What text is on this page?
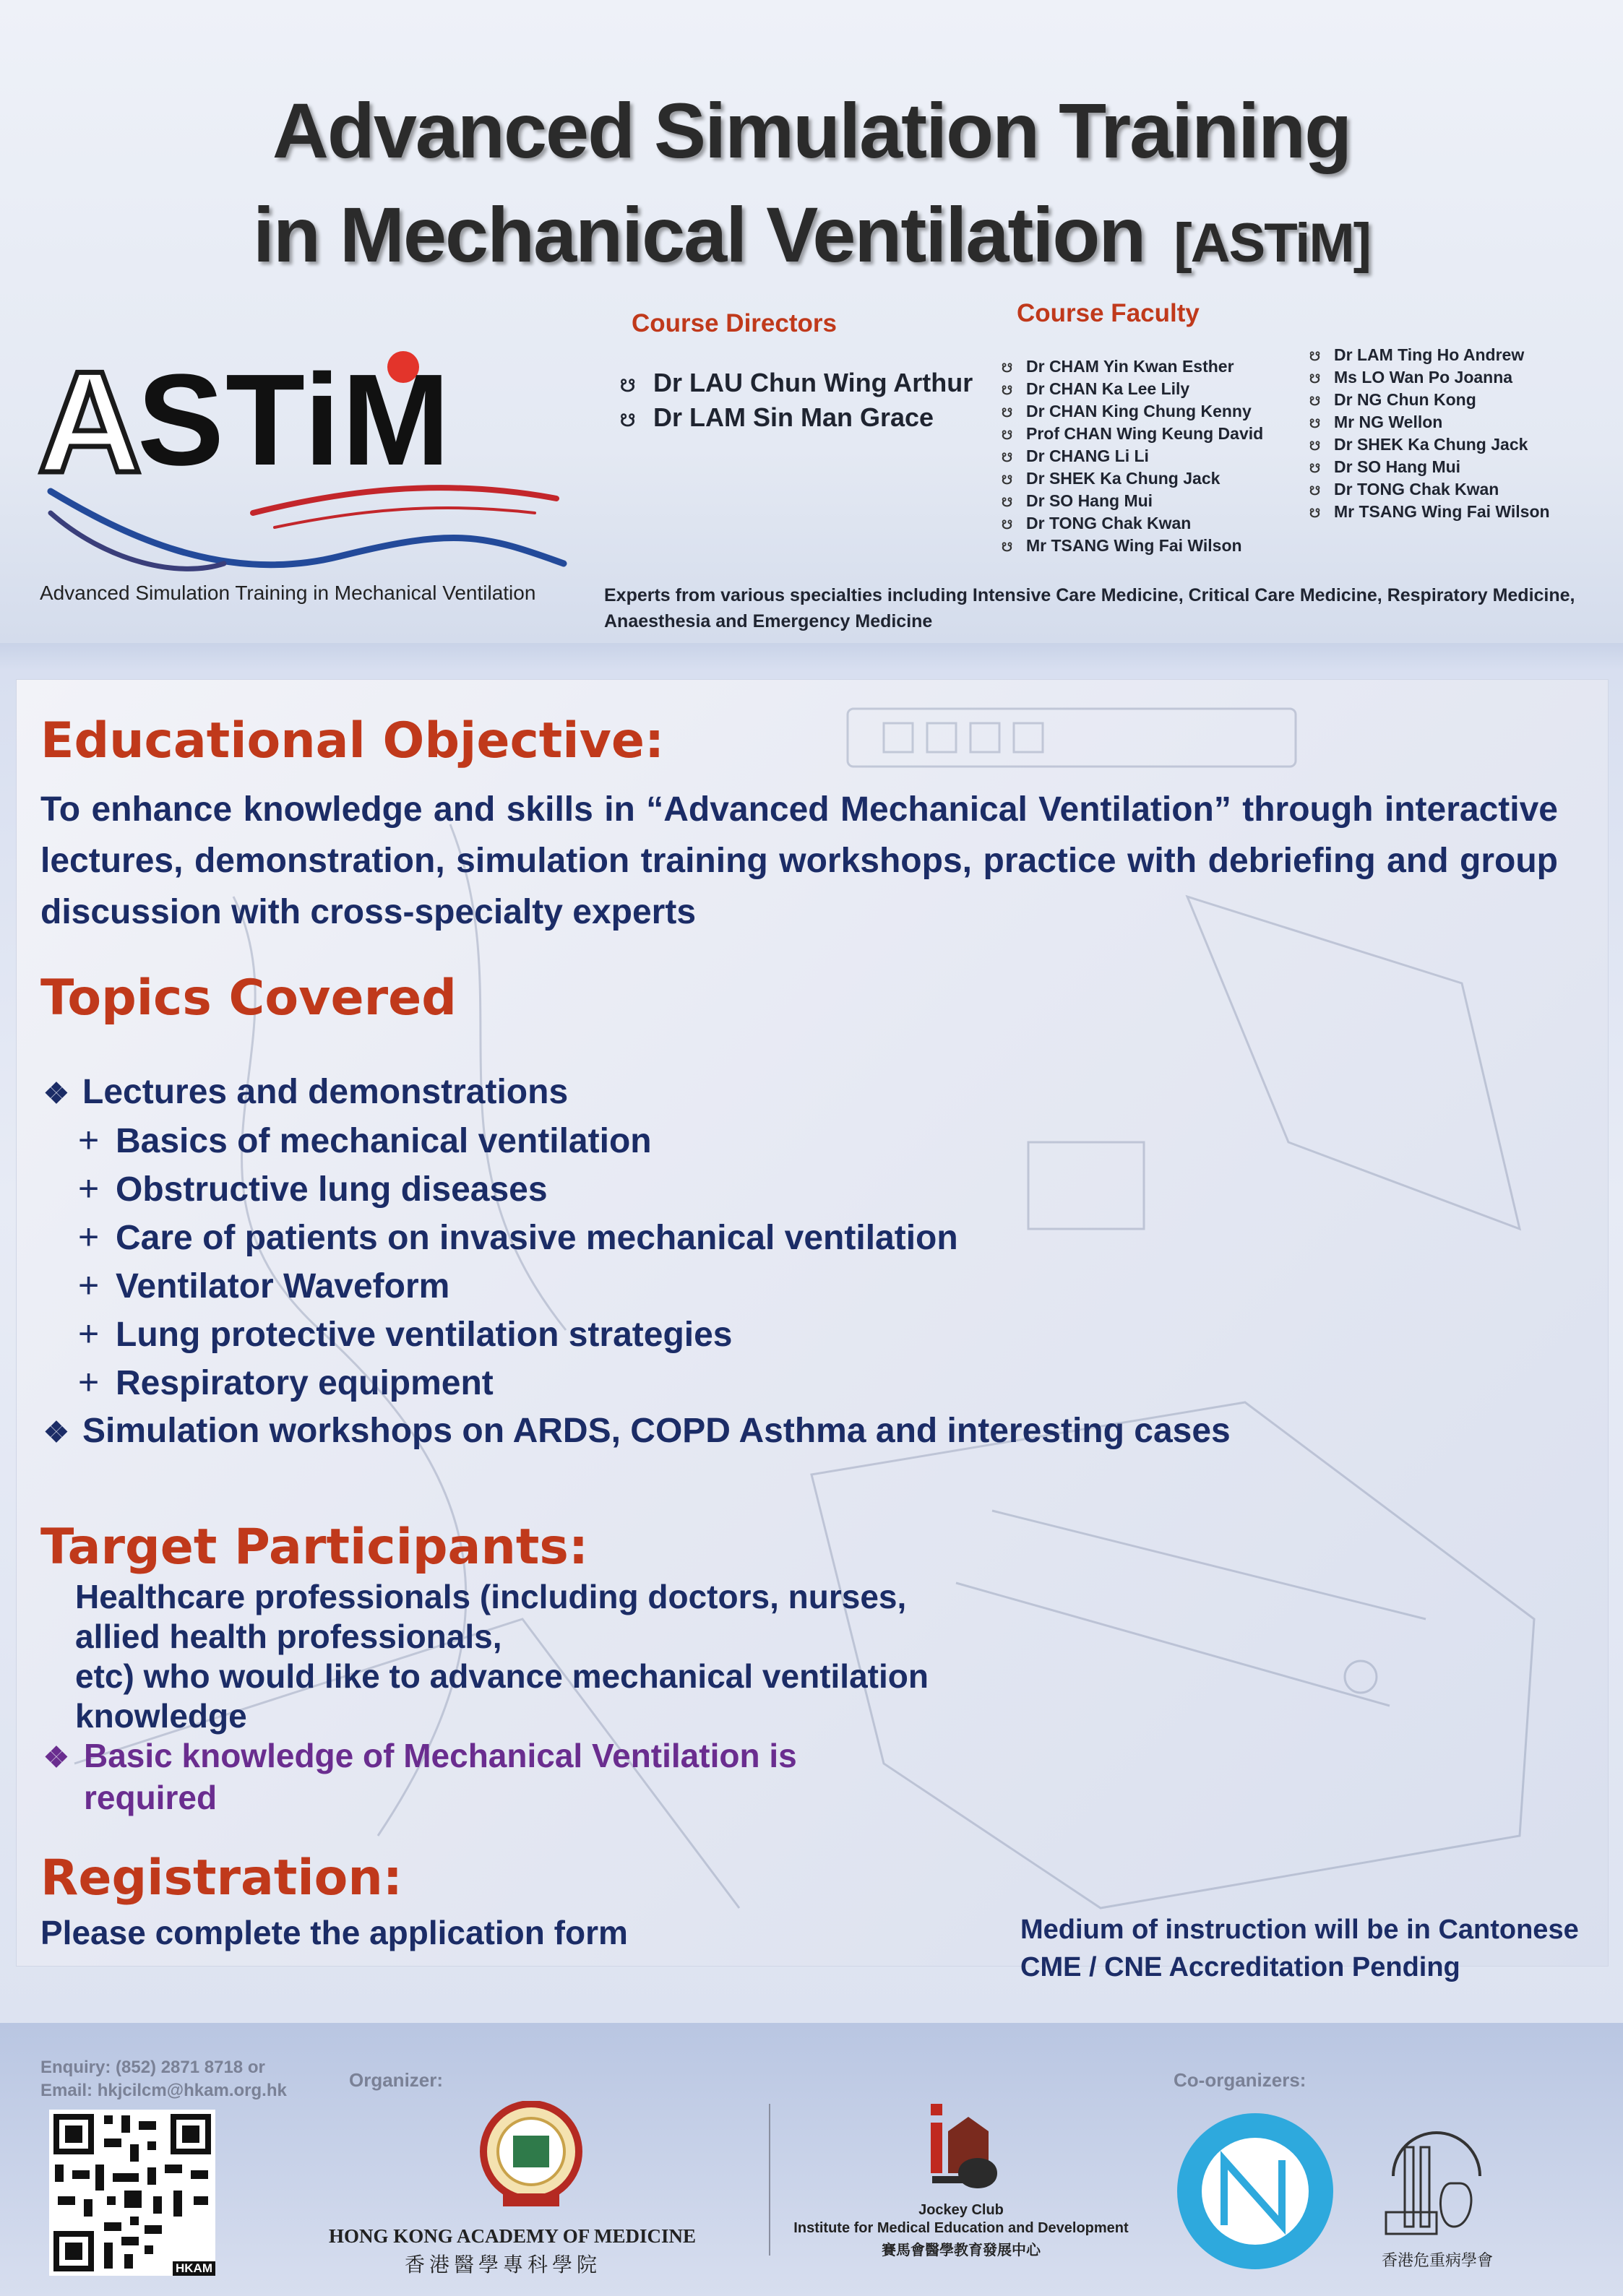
Advanced Simulation Training
in Mechanical Ventilation [ASTiM]
A
STiM
Advanced Simulation Training in Mechanical Ventilation
Course Directors
☋ Dr LAU Chun Wing Arthur
☋ Dr LAM Sin Man Grace
Course Faculty
☋ Dr CHAM Yin Kwan Esther
☋ Dr CHAN Ka Lee Lily
☋ Dr CHAN King Chung Kenny
☋ Prof CHAN Wing Keung David
☋ Dr CHANG Li Li
☋ Dr SHEK Ka Chung Jack
☋ Dr SO Hang Mui
☋ Dr TONG Chak Kwan
☋ Mr TSANG Wing Fai Wilson
☋ Dr LAM Ting Ho Andrew
☋ Ms LO Wan Po Joanna
☋ Dr NG Chun Kong
☋ Mr NG Wellon
☋ Dr SHEK Ka Chung Jack
☋ Dr SO Hang Mui
☋ Dr TONG Chak Kwan
☋ Mr TSANG Wing Fai Wilson
Experts from various specialties including Intensive Care Medicine, Critical Care Medicine, Respiratory Medicine, Anaesthesia and Emergency Medicine
Educational Objective:
To enhance knowledge and skills in “Advanced Mechanical Ventilation” through interactive lectures, demonstration, simulation training workshops, practice with debriefing and group discussion with cross-specialty experts
Topics Covered
❖ Lectures and demonstrations
+ Basics of mechanical ventilation
+ Obstructive lung diseases
+ Care of patients on invasive mechanical ventilation
+ Ventilator Waveform
+ Lung protective ventilation strategies
+ Respiratory equipment
❖ Simulation workshops on ARDS, COPD Asthma and interesting cases
Target Participants:
Healthcare professionals (including doctors, nurses,
allied health professionals,
etc) who would like to advance mechanical ventilation
knowledge
❖ Basic knowledge of Mechanical Ventilation is
required
Registration:
Please complete the application form	Medium of instruction will be in Cantonese
CME / CNE Accreditation Pending
Enquiry: (852) 2871 8718 or
Email: hkjcilcm@hkam.org.hk
HKAM
Organizer:
HONG KONG ACADEMY OF MEDICINE
香港醫學專科學院
Jockey Club
Institute for Medical Education and Development
賽馬會醫學教育發展中心
Co-organizers:
香港危重病學會
